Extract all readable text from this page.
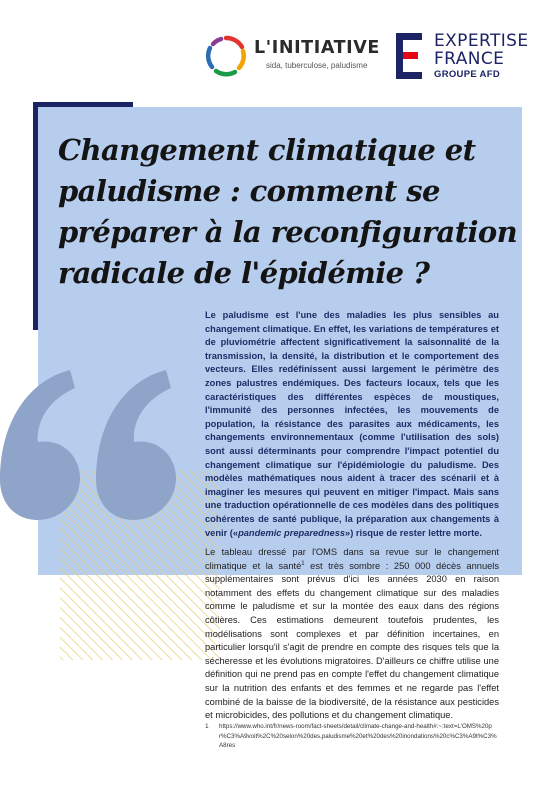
L'INITIATIVE
sida, tuberculose, paludisme
EXPERTISE
FRANCE
GROUPE AFD
Changement climatique et paludisme : comment se préparer à la reconfiguration radicale de l'épidémie ?

Le paludisme est l'une des maladies les plus sensibles au changement climatique. En effet, les variations de températures et de pluviométrie affectent significativement la saisonnalité de la transmission, la densité, la distribution et le comportement des vecteurs. Elles redéfinissent aussi largement le périmètre des zones palustres endémiques. Des facteurs locaux, tels que les caractéristiques des différentes espèces de moustiques, l'immunité des personnes infectées, les mouvements de population, la résistance des parasites aux médicaments, les changements environnementaux (comme l'utilisation des sols) sont aussi déterminants pour comprendre l'impact potentiel du changement climatique sur l'épidémiologie du paludisme. Des modèles mathématiques nous aident à tracer des scénarii et à imaginer les mesures qui peuvent en mitiger l'impact. Mais sans une traduction opérationnelle de ces modèles dans des politiques cohérentes de santé publique, la préparation aux changements à venir («pandemic preparedness») risque de rester lettre morte.

Le tableau dressé par l'OMS dans sa revue sur le changement climatique et la santé$^1$ est très sombre : 250 000 décès annuels supplémentaires sont prévus d'ici les années 2030 en raison notamment des effets du changement climatique sur des maladies comme le paludisme et sur la montée des eaux dans des régions côtières. Ces estimations demeurent toutefois prudentes, les modélisations sont complexes et par définition incertaines, en particulier lorsqu'il s'agit de prendre en compte des risques tels que la sécheresse et les évolutions migratoires. D'ailleurs ce chiffre utilise une définition qui ne prend pas en compte l'effet du changement climatique sur la nutrition des enfants et des femmes et ne regarde pas l'effet combiné de la baisse de la biodiversité, de la résistance aux pesticides et microbicides, des pollutions et du changement climatique.

1 https://www.who.int/fr/news-room/fact-sheets/detail/climate-change-and-health#:~:text=L'OMS%20pr%C3%A9voit%2C%20selon%20des,paludisme%20et%20des%20inondations%20c%C3%A9t%C3%A8res
